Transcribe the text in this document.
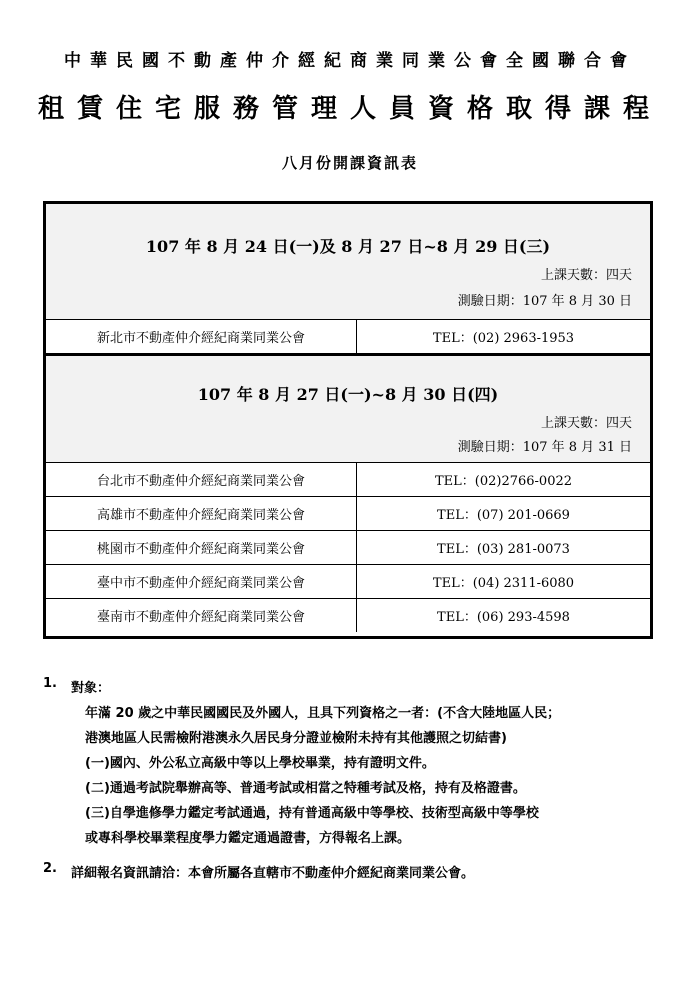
中華民國不動產仲介經紀商業同業公會全國聯合會
租賃住宅服務管理人員資格取得課程
八月份開課資訊表
107 年 8 月 24 日(一)及 8 月 27 日~8 月 29 日(三)
上課天數：四天
測驗日期：107 年 8 月 30 日
新北市不動產仲介經紀商業同業公會	TEL：(02) 2963-1953
107 年 8 月 27 日(一)~8 月 30 日(四)
上課天數：四天
測驗日期：107 年 8 月 31 日
台北市不動產仲介經紀商業同業公會	TEL：(02)2766-0022
高雄市不動產仲介經紀商業同業公會	TEL：(07) 201-0669
桃園市不動產仲介經紀商業同業公會	TEL：(03) 281-0073
臺中市不動產仲介經紀商業同業公會	TEL：(04) 2311-6080
臺南市不動產仲介經紀商業同業公會	TEL：(06) 293-4598
1. 對象：
年滿 20 歲之中華民國國民及外國人，且具下列資格之一者：(不含大陸地區人民；
港澳地區人民需檢附港澳永久居民身分證並檢附未持有其他護照之切結書)
(一)國內、外公私立高級中等以上學校畢業，持有證明文件。
(二)通過考試院舉辦高等、普通考試或相當之特種考試及格，持有及格證書。
(三)自學進修學力鑑定考試通過，持有普通高級中等學校、技術型高級中等學校
或專科學校畢業程度學力鑑定通過證書，方得報名上課。
2. 詳細報名資訊請洽：本會所屬各直轄市不動產仲介經紀商業同業公會。
